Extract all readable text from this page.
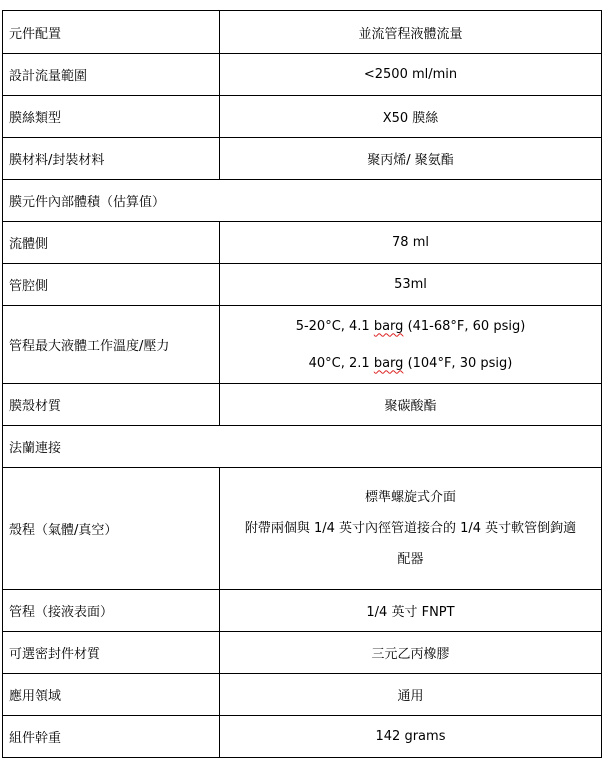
元件配置	並流管程液體流量
設計流量範圍	<2500 ml/min
膜絲類型	X50 膜絲
膜材料/封裝材料	聚丙烯/ 聚氨酯
膜元件內部體積（估算值）	
流體側	78 ml
管腔側	53ml
管程最大液體工作溫度/壓力	5-20°C, 4.1 barg (41-68°F, 60 psig)
40°C, 2.1 barg (104°F, 30 psig)

膜殼材質	聚碳酸酯
法蘭連接	
殼程（氣體/真空）	標準螺旋式介面
附帶兩個與 1/4 英寸內徑管道接合的 1/4 英寸軟管倒鉤適
配器

管程（接液表面）	1/4 英寸 FNPT
可選密封件材質	三元乙丙橡膠
應用領域	通用
組件幹重	142 grams
